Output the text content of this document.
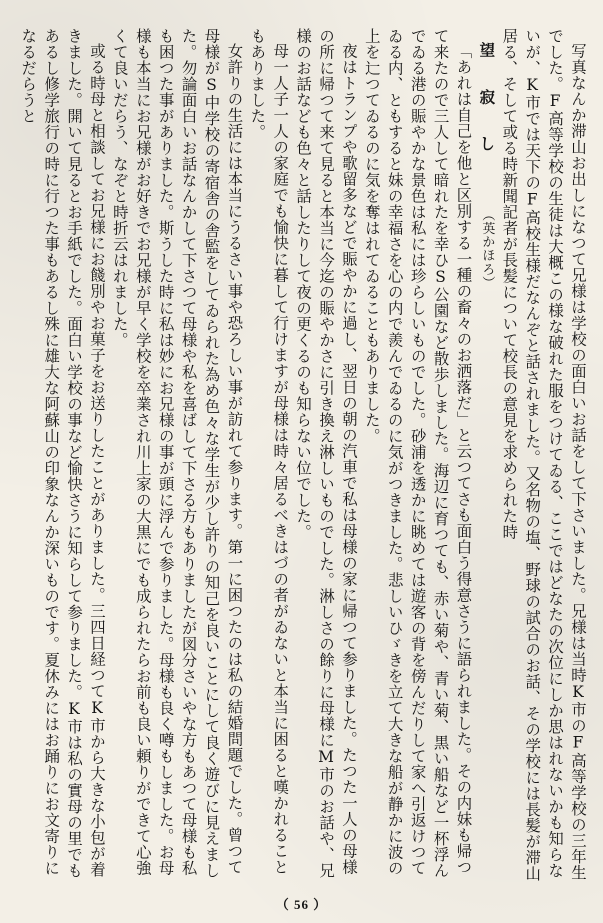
写真なんか滞山お出しになつて兄様は学校の面白いお話をして下さいました。兄様は当時K市のF高等学校の三年生でした。F高等学校の生徒は大概この様な破れた服をつけてゐる、ここではどなたの次位にしか思はれないかも知らないが、K市では天下のF高校生様だなんぞと話されました。又名物の塩、野球の試合のお話、その学校には長髪が滞山居る、そして或る時新聞記者が長髪について校長の意見を求められた時
望　寂　し （英かほろ）
「あれは自己を他と区別する一種の畜々のお洒落だ」と云つてさも面白う得意さうに語られました。その内妹も帰つて来たので三人して暗れたを幸ひS公園など散歩しました。海辺に育つても、赤い菊や、青い菊、黒い船など一杯浮んでゐる港の賑やかな景色は私には珍らしいものでした。砂浦を透かに眺めては遊客の背を傍んだりして家へ引返けつてゐる内、ともすると妹の幸福さを心の内で羨んでゐるのに気がつきました。悲しいひゞきを立て大きな船が静かに波の上を辷つてゐるのに気を奪はれてゐることもありました。
夜はトランプや歌留多などで賑やかに過し、翌日の朝の汽車で私は母様の家に帰つて参りました。たつた一人の母様の所に帰つて来て見ると本当に今迄の賑やかさに引き換え淋しいものでした。淋しさの餘りに母様にM市のお話や、兄様のお話なども色々と話したりして夜の更くるのも知らない位でした。
母一人子一人の家庭でも愉快に暮して行けますが母様は時々居るべきはづの者がゐないと本当に困ると嘆かれることもありました。
女許りの生活には本当にうるさい事や恐ろしい事が訪れて参ります。第一に困つたのは私の結婚問題でした。曾つて母様がS中学校の寄宿舎の舎監をしてゐられた為め色々な学生が少し許りの知己を良いことにして良く遊びに見えました。勿論面白いお話なんかして下さつて母様や私を喜ばして下さる方もありましたが図分さいやな方もあつて母様も私も困つた事がありました。斯うした時に私は妙にお兄様の事が頭に浮んで参りました。母様も良く噂もしました。お母様も本当にお兄様がお好きでお兄様が早く学校を卒業され川上家の大黒にでも成られたらお前も良い頼りができて心強くて良いだらう、なぞと時折云はれました。
或る時母と相談してお兄様にお餞別やお菓子をお送りしたことがありました。三四日経つてK市から大きな小包が着きました。開いて見るとお手紙でした。面白い学校の事など愉快さうに知らして参りました。K市は私の實母の里でもあるし修学旅行の時に行つた事もあるし殊に雄大な阿蘇山の印象なんか深いものです。夏休みにはお踊りにお文寄りになるだらうと
（ 56 ）
